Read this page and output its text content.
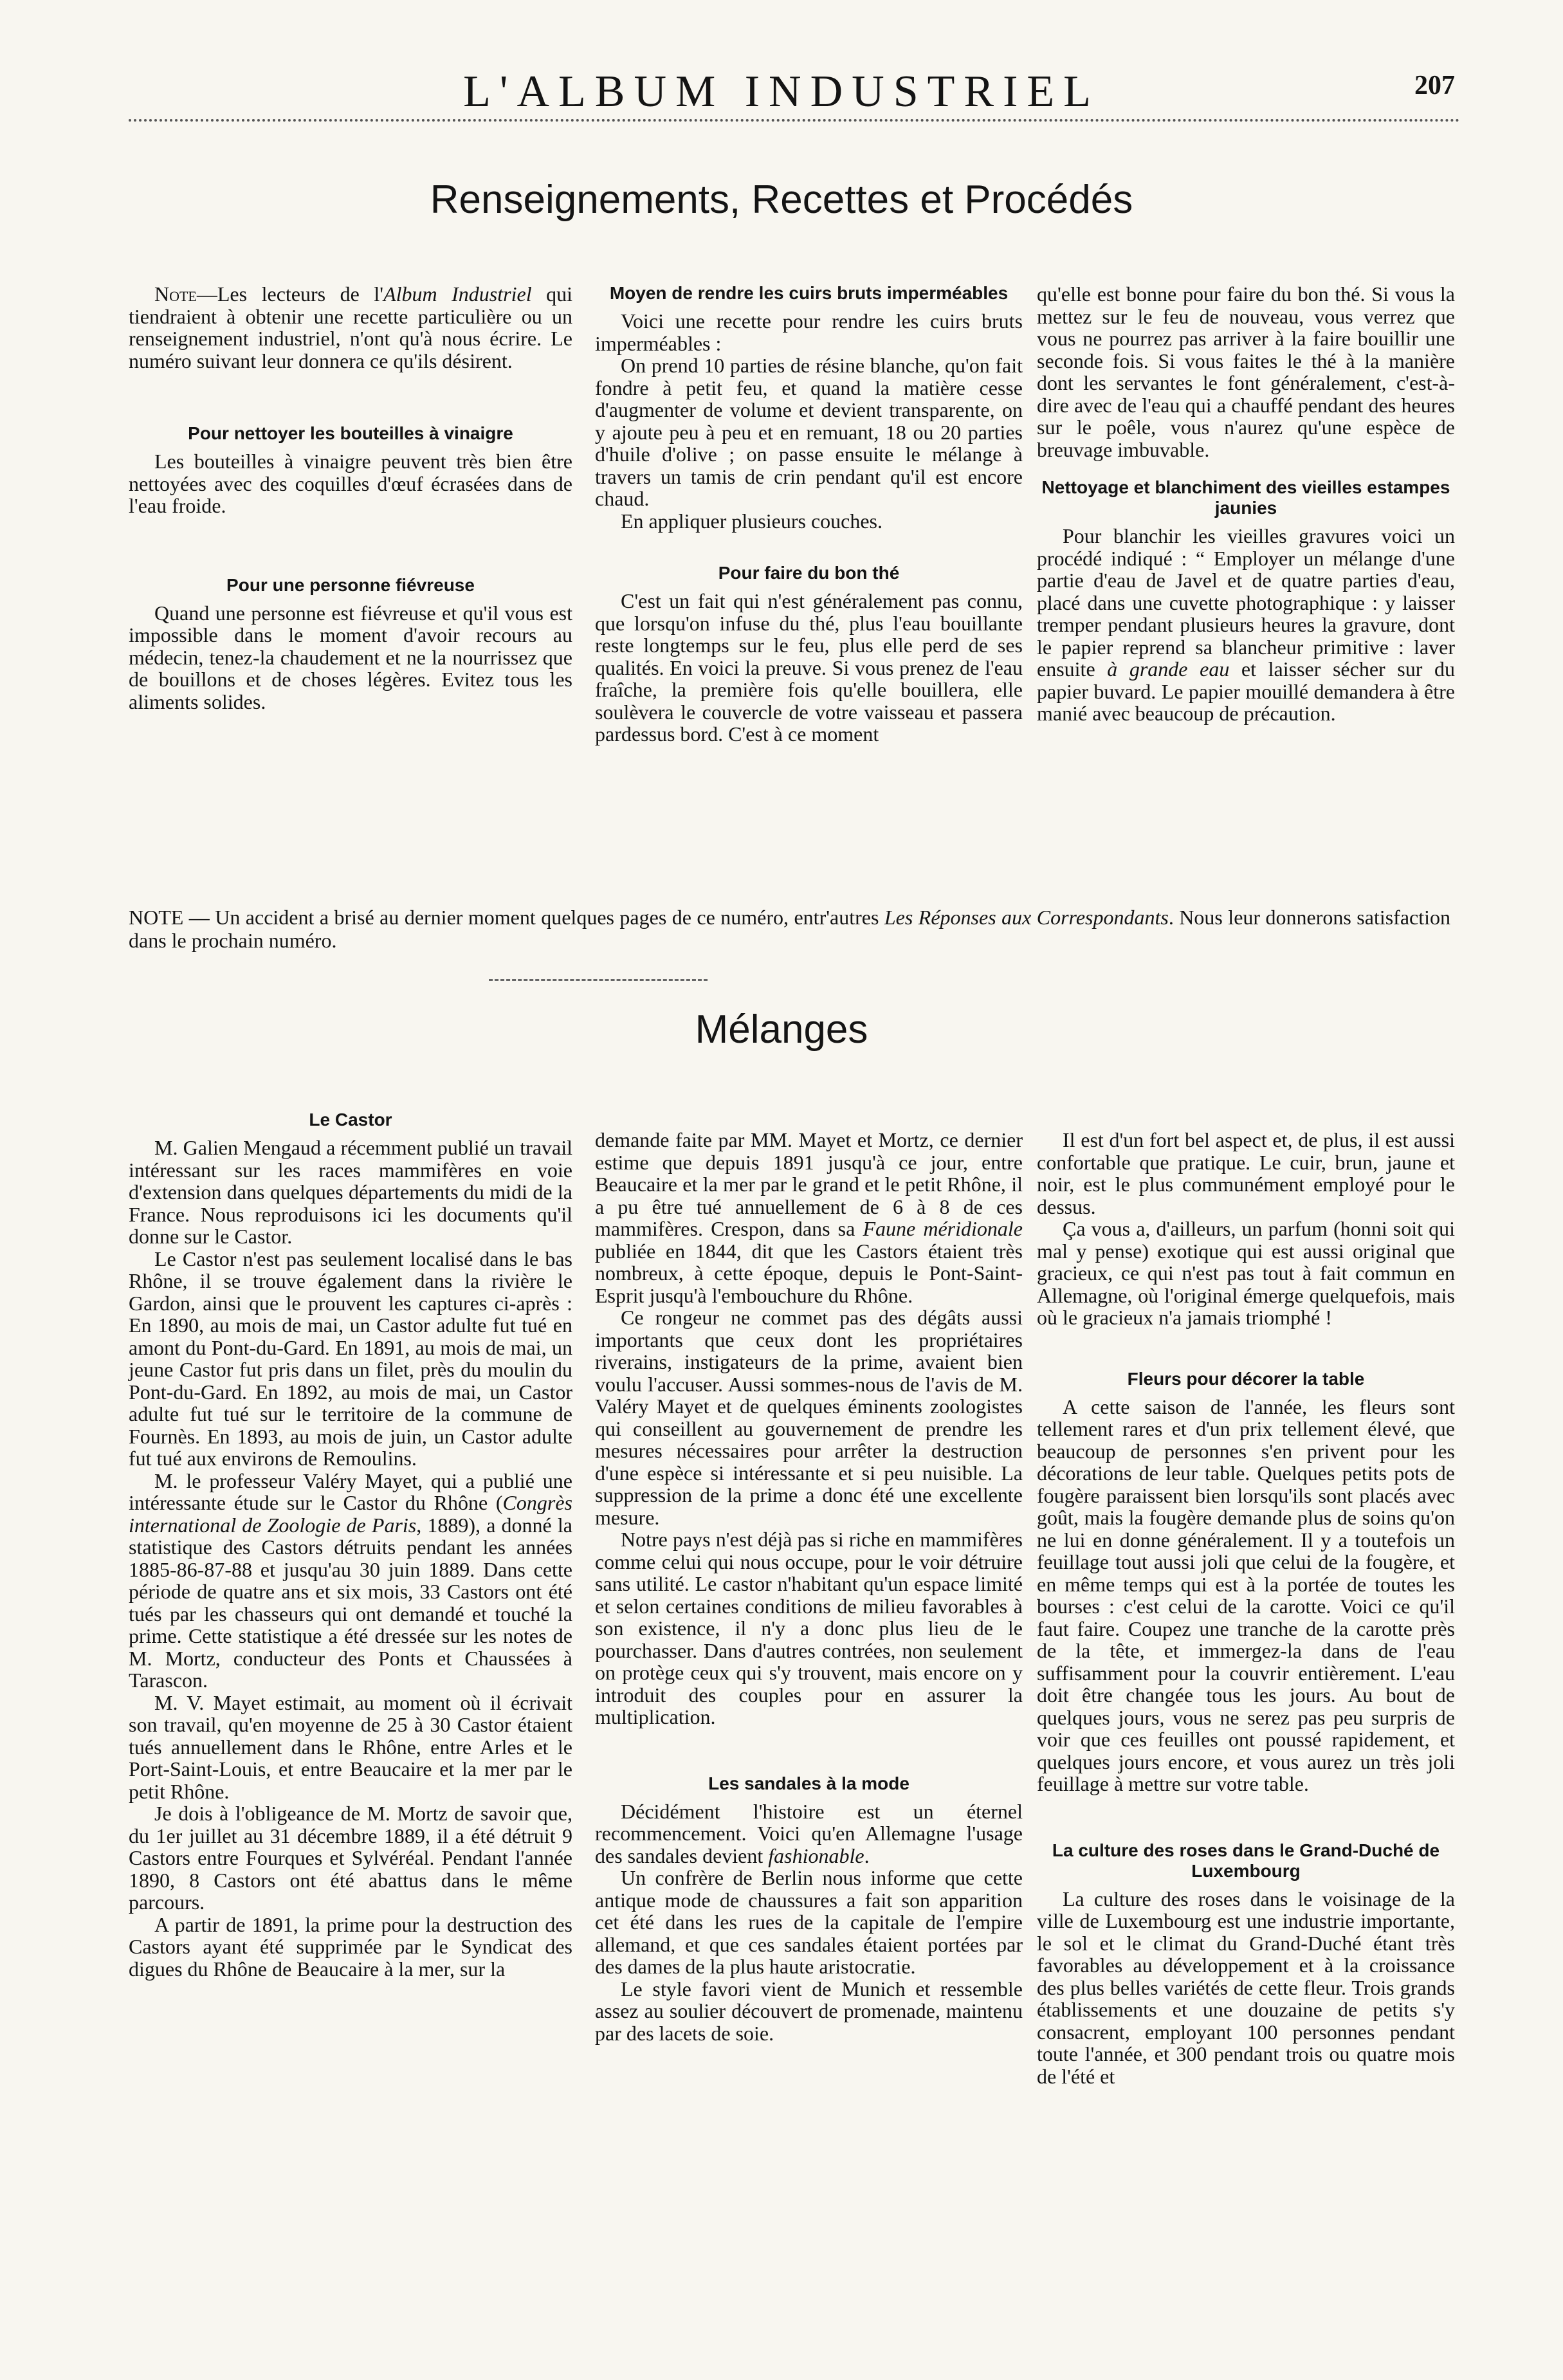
L'ALBUM INDUSTRIEL	207
Renseignements, Recettes et Procédés

Note—Les lecteurs de l'Album Industriel qui tiendraient à obtenir une recette particulière ou un renseignement industriel, n'ont qu'à nous écrire. Le numéro suivant leur donnera ce qu'ils désirent.

Pour nettoyer les bouteilles à vinaigre

Les bouteilles à vinaigre peuvent très bien être nettoyées avec des coquilles d'œuf écrasées dans de l'eau froide.

Pour une personne fiévreuse

Quand une personne est fiévreuse et qu'il vous est impossible dans le moment d'avoir recours au médecin, tenez-la chaudement et ne la nourrissez que de bouillons et de choses légères. Evitez tous les aliments solides.

Moyen de rendre les cuirs bruts imperméables

Voici une recette pour rendre les cuirs bruts imperméables :

On prend 10 parties de résine blanche, qu'on fait fondre à petit feu, et quand la matière cesse d'augmenter de volume et devient transparente, on y ajoute peu à peu et en remuant, 18 ou 20 parties d'huile d'olive ; on passe ensuite le mélange à travers un tamis de crin pendant qu'il est encore chaud.

En appliquer plusieurs couches.

Pour faire du bon thé

C'est un fait qui n'est généralement pas connu, que lorsqu'on infuse du thé, plus l'eau bouillante reste longtemps sur le feu, plus elle perd de ses qualités. En voici la preuve. Si vous prenez de l'eau fraîche, la première fois qu'elle bouillera, elle soulèvera le couvercle de votre vaisseau et passera pardessus bord. C'est à ce moment

qu'elle est bonne pour faire du bon thé. Si vous la mettez sur le feu de nouveau, vous verrez que vous ne pourrez pas arriver à la faire bouillir une seconde fois. Si vous faites le thé à la manière dont les servantes le font généralement, c'est-à-dire avec de l'eau qui a chauffé pendant des heures sur le poêle, vous n'aurez qu'une espèce de breuvage imbuvable.

Nettoyage et blanchiment des vieilles estampes jaunies

Pour blanchir les vieilles gravures voici un procédé indiqué : “ Employer un mélange d'une partie d'eau de Javel et de quatre parties d'eau, placé dans une cuvette photographique : y laisser tremper pendant plusieurs heures la gravure, dont le papier reprend sa blancheur primitive : laver ensuite à grande eau et laisser sécher sur du papier buvard. Le papier mouillé demandera à être manié avec beaucoup de précaution.

NOTE — Un accident a brisé au dernier moment quelques pages de ce numéro, entr'autres Les Réponses aux Correspondants. Nous leur donnerons satisfaction dans le prochain numéro.
Mélanges
Le Castor

M. Galien Mengaud a récemment publié un travail intéressant sur les races mammifères en voie d'extension dans quelques départements du midi de la France. Nous reproduisons ici les documents qu'il donne sur le Castor.

Le Castor n'est pas seulement localisé dans le bas Rhône, il se trouve également dans la rivière le Gardon, ainsi que le prouvent les captures ci-après : En 1890, au mois de mai, un Castor adulte fut tué en amont du Pont-du-Gard. En 1891, au mois de mai, un jeune Castor fut pris dans un filet, près du moulin du Pont-du-Gard. En 1892, au mois de mai, un Castor adulte fut tué sur le territoire de la commune de Fournès. En 1893, au mois de juin, un Castor adulte fut tué aux environs de Remoulins.

M. le professeur Valéry Mayet, qui a publié une intéressante étude sur le Castor du Rhône (Congrès international de Zoologie de Paris, 1889), a donné la statistique des Castors détruits pendant les années 1885-86-87-88 et jusqu'au 30 juin 1889. Dans cette période de quatre ans et six mois, 33 Castors ont été tués par les chasseurs qui ont demandé et touché la prime. Cette statistique a été dressée sur les notes de M. Mortz, conducteur des Ponts et Chaussées à Tarascon.

M. V. Mayet estimait, au moment où il écrivait son travail, qu'en moyenne de 25 à 30 Castor étaient tués annuellement dans le Rhône, entre Arles et le Port-Saint-Louis, et entre Beaucaire et la mer par le petit Rhône.

Je dois à l'obligeance de M. Mortz de savoir que, du 1er juillet au 31 décembre 1889, il a été détruit 9 Castors entre Fourques et Sylvéréal. Pendant l'année 1890, 8 Castors ont été abattus dans le même parcours.

A partir de 1891, la prime pour la destruction des Castors ayant été supprimée par le Syndicat des digues du Rhône de Beaucaire à la mer, sur la

demande faite par MM. Mayet et Mortz, ce dernier estime que depuis 1891 jusqu'à ce jour, entre Beaucaire et la mer par le grand et le petit Rhône, il a pu être tué annuellement de 6 à 8 de ces mammifères. Crespon, dans sa Faune méridionale publiée en 1844, dit que les Castors étaient très nombreux, à cette époque, depuis le Pont-Saint-Esprit jusqu'à l'embouchure du Rhône.

Ce rongeur ne commet pas des dégâts aussi importants que ceux dont les propriétaires riverains, instigateurs de la prime, avaient bien voulu l'accuser. Aussi sommes-nous de l'avis de M. Valéry Mayet et de quelques éminents zoologistes qui conseillent au gouvernement de prendre les mesures nécessaires pour arrêter la destruction d'une espèce si intéressante et si peu nuisible. La suppression de la prime a donc été une excellente mesure.

Notre pays n'est déjà pas si riche en mammifères comme celui qui nous occupe, pour le voir détruire sans utilité. Le castor n'habitant qu'un espace limité et selon certaines conditions de milieu favorables à son existence, il n'y a donc plus lieu de le pourchasser. Dans d'autres contrées, non seulement on protège ceux qui s'y trouvent, mais encore on y introduit des couples pour en assurer la multiplication.

Les sandales à la mode

Décidément l'histoire est un éternel recommencement. Voici qu'en Allemagne l'usage des sandales devient fashionable.

Un confrère de Berlin nous informe que cette antique mode de chaussures a fait son apparition cet été dans les rues de la capitale de l'empire allemand, et que ces sandales étaient portées par des dames de la plus haute aristocratie.

Le style favori vient de Munich et ressemble assez au soulier découvert de promenade, maintenu par des lacets de soie.

Il est d'un fort bel aspect et, de plus, il est aussi confortable que pratique. Le cuir, brun, jaune et noir, est le plus communément employé pour le dessus.

Ça vous a, d'ailleurs, un parfum (honni soit qui mal y pense) exotique qui est aussi original que gracieux, ce qui n'est pas tout à fait commun en Allemagne, où l'original émerge quelquefois, mais où le gracieux n'a jamais triomphé !

Fleurs pour décorer la table

A cette saison de l'année, les fleurs sont tellement rares et d'un prix tellement élevé, que beaucoup de personnes s'en privent pour les décorations de leur table. Quelques petits pots de fougère paraissent bien lorsqu'ils sont placés avec goût, mais la fougère demande plus de soins qu'on ne lui en donne généralement. Il y a toutefois un feuillage tout aussi joli que celui de la fougère, et en même temps qui est à la portée de toutes les bourses : c'est celui de la carotte. Voici ce qu'il faut faire. Coupez une tranche de la carotte près de la tête, et immergez-la dans de l'eau suffisamment pour la couvrir entièrement. L'eau doit être changée tous les jours. Au bout de quelques jours, vous ne serez pas peu surpris de voir que ces feuilles ont poussé rapidement, et quelques jours encore, et vous aurez un très joli feuillage à mettre sur votre table.

La culture des roses dans le Grand-Duché de Luxembourg

La culture des roses dans le voisinage de la ville de Luxembourg est une industrie importante, le sol et le climat du Grand-Duché étant très favorables au développement et à la croissance des plus belles variétés de cette fleur. Trois grands établissements et une douzaine de petits s'y consacrent, employant 100 personnes pendant toute l'année, et 300 pendant trois ou quatre mois de l'été et
